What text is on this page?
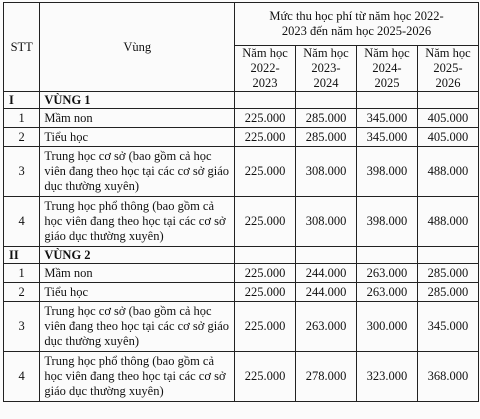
STT	Vùng	Mức thu học phí từ năm học 2022-2023 đến năm học 2025-2026			
		Năm học 2022-2023	Năm học 2023-2024	Năm học 2024-2025	Năm học 2025-2026
I	VÙNG 1				
1	Mầm non	225.000	285.000	345.000	405.000
2	Tiểu học	225.000	285.000	345.000	405.000
3	Trung học cơ sở (bao gồm cả học viên đang theo học tại các cơ sở giáo dục thường xuyên)	225.000	308.000	398.000	488.000
4	Trung học phổ thông (bao gồm cả học viên đang theo học tại các cơ sở giáo dục thường xuyên)	225.000	308.000	398.000	488.000
II	VÙNG 2				
1	Mầm non	225.000	244.000	263.000	285.000
2	Tiểu học	225.000	244.000	263.000	285.000
3	Trung học cơ sở (bao gồm cả học viên đang theo học tại các cơ sở giáo dục thường xuyên)	225.000	263.000	300.000	345.000
4	Trung học phổ thông (bao gồm cả học viên đang theo học tại các cơ sở giáo dục thường xuyên)	225.000	278.000	323.000	368.000
